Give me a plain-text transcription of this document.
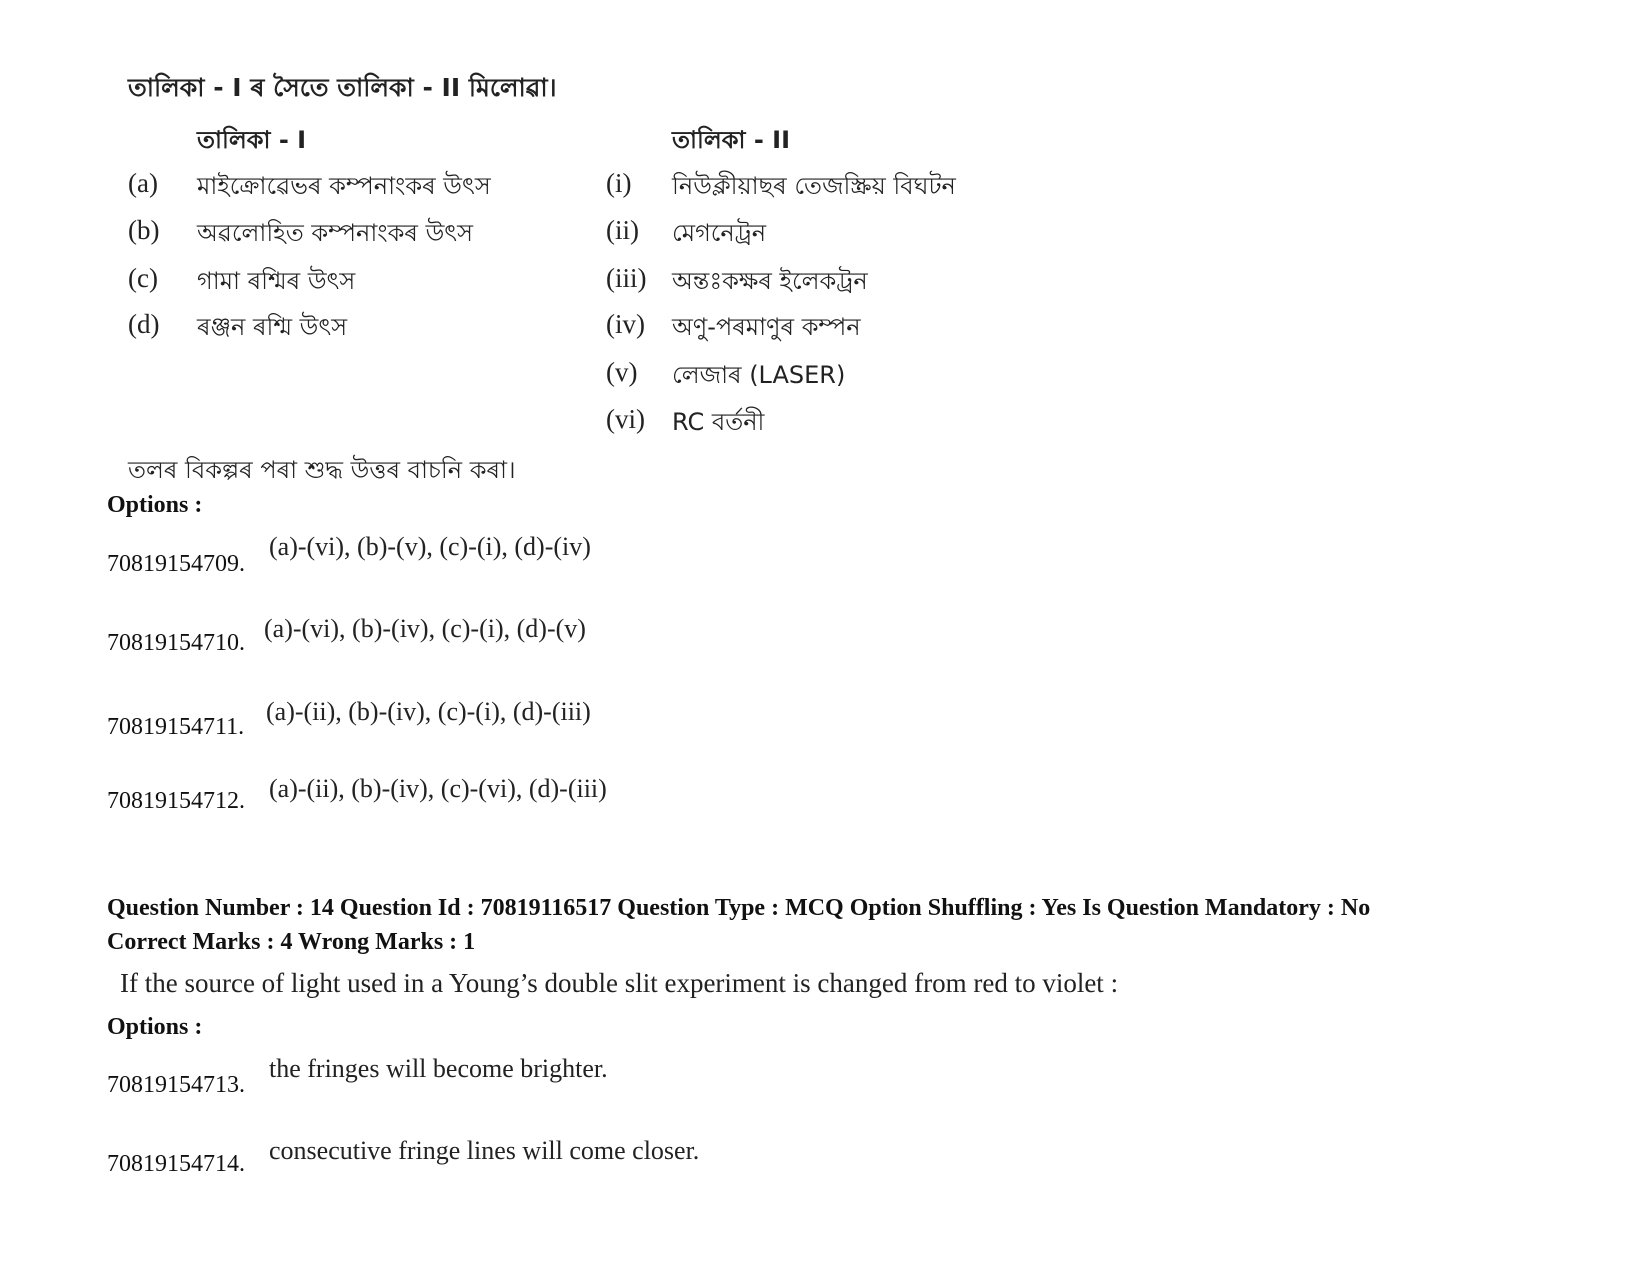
তালিকা - I ৰ সৈতে তালিকা - II মিলোৱা।
তালিকা - I	তালিকা - II
(a) মাইক্ৰোৱেভৰ কম্পনাংকৰ উৎস
(b) অৱলোহিত কম্পনাংকৰ উৎস
(c) গামা ৰশ্মিৰ উৎস
(d) ৰঞ্জন ৰশ্মি উৎস
(i) নিউক্লীয়াছৰ তেজস্ক্ৰিয় বিঘটন
(ii) মেগনেট্ৰন
(iii) অন্তঃকক্ষৰ ইলেকট্ৰন
(iv) অণু-পৰমাণুৰ কম্পন
(v) লেজাৰ (LASER)
(vi) RC বৰ্তনী
তলৰ বিকল্পৰ পৰা শুদ্ধ উত্তৰ বাচনি কৰা।
Options :
70819154709.
(a)-(vi), (b)-(v), (c)-(i), (d)-(iv)
70819154710. (a)-(vi), (b)-(iv), (c)-(i), (d)-(v)
70819154711.
(a)-(ii), (b)-(iv), (c)-(i), (d)-(iii)
70819154712. (a)-(ii), (b)-(iv), (c)-(vi), (d)-(iii)
Question Number : 14 Question Id : 70819116517 Question Type : MCQ Option Shuffling : Yes Is Question Mandatory : No
Correct Marks : 4 Wrong Marks : 1
If the source of light used in a Young’s double slit experiment is changed from red to violet :
Options :
70819154713.
the fringes will become brighter.
70819154714. consecutive fringe lines will come closer.
